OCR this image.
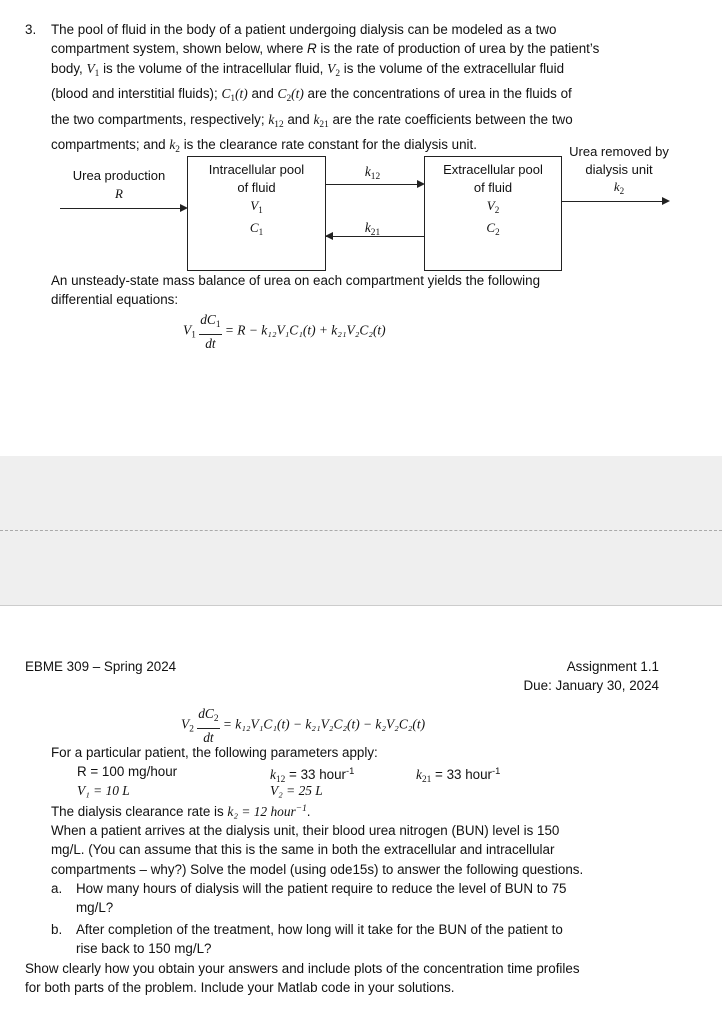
3. The pool of fluid in the body of a patient undergoing dialysis can be modeled as a two
compartment system, shown below, where R is the rate of production of urea by the patient’s
body, $V_1$ is the volume of the intracellular fluid, $V_2$ is the volume of the extracellular fluid
(blood and interstitial fluids); $C_1(t)$ and $C_2(t)$ are the concentrations of urea in the fluids of
the two compartments, respectively; $k_{12}$ and $k_{21}$ are the rate coefficients between the two
compartments; and $k_2$ is the clearance rate constant for the dialysis unit.
Urea production
R
Intracellular pool
of fluid
$V_1$
$C_1$
$k_{12}$
$k_{21}$
Extracellular pool
of fluid
$V_2$
$C_2$
Urea removed by
dialysis unit
$k_2$
An unsteady-state mass balance of urea on each compartment yields the following
differential equations:
$V_1 \frac{dC_1}{dt} = R - k_{12}V_1C_1(t) + k_{21}V_2C_2(t)$
EBME 309 – Spring 2024	Assignment 1.1
Due: January 30, 2024
$V_2 \frac{dC_2}{dt} = k_{12}V_1C_1(t) - k_{21}V_2C_2(t) - k_2V_2C_2(t)$
For a particular patient, the following parameters apply:
R = 100 mg/hour	$k_{12} = 33$ hour$^{-1}$	$k_{21} = 33$ hour$^{-1}$
V₁ = 10 L	V₂ = 25 L
The dialysis clearance rate is k₂ = 12 hour$^{-1}$.
When a patient arrives at the dialysis unit, their blood urea nitrogen (BUN) level is 150
mg/L. (You can assume that this is the same in both the extracellular and intracellular
compartments – why?) Solve the model (using ode15s) to answer the following questions.
a. How many hours of dialysis will the patient require to reduce the level of BUN to 75
mg/L?
b. After completion of the treatment, how long will it take for the BUN of the patient to
rise back to 150 mg/L?
Show clearly how you obtain your answers and include plots of the concentration time profiles
for both parts of the problem. Include your Matlab code in your solutions.
